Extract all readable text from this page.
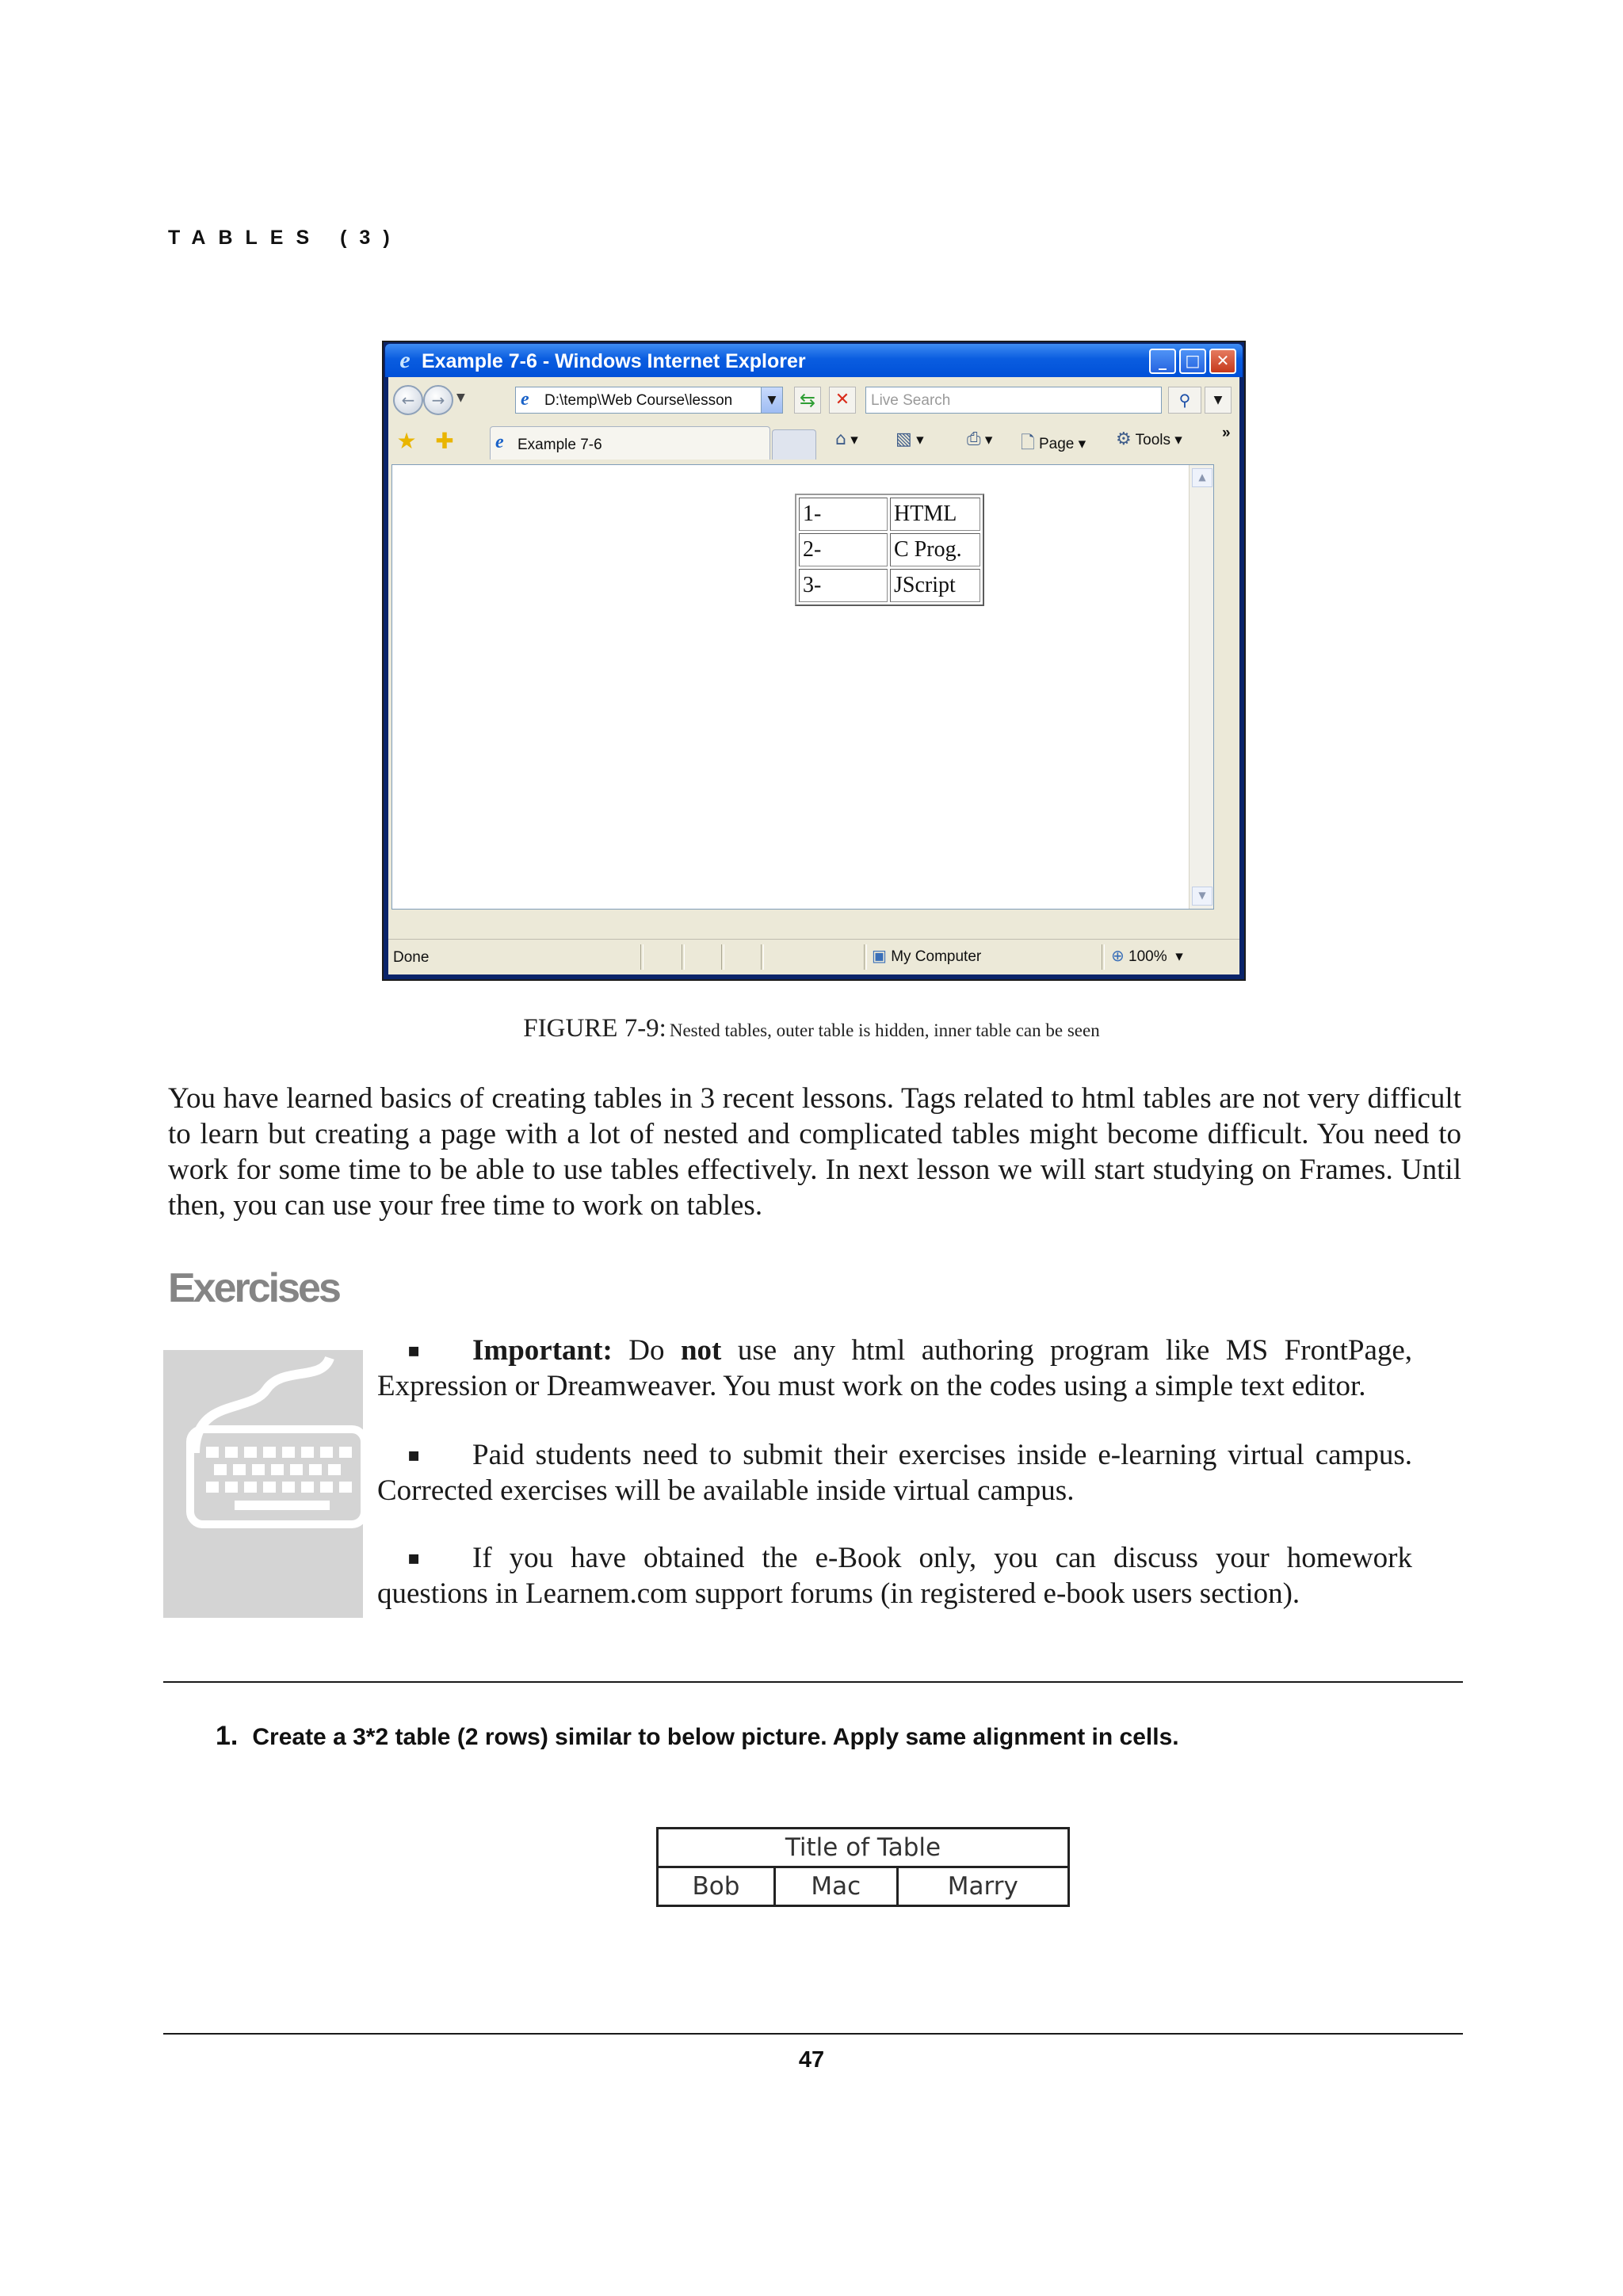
TABLES (3)
e Example 7-6 - Windows Internet Explorer	_	□	✕
←	→	▼	e D:\temp\Web Course\lesson	▼	⇆	✕	Live Search	⚲	▼
★ ✚ e Example 7-6	⌂ ▾ ▧ ▾ ⎙ ▾ 🗋 Page ▾ ⚙ Tools ▾	»
1-	HTML
2-	C Prog.
3-	JScript
▲
▼
Done	▣ My Computer	⊕ 100%  ▾
FIGURE 7-9: Nested tables, outer table is hidden, inner table can be seen

You have learned basics of creating tables in 3 recent lessons. Tags related to html tables are not very difficult to learn but creating a page with a lot of nested and complicated tables might become difficult. You need to work for some time to be able to use tables effectively. In next lesson we will start studying on Frames. Until then, you can use your free time to work on tables.

Exercises

▪ Important: Do not use any html authoring program like MS FrontPage, Expression or Dreamweaver. You must work on the codes using a simple text editor.

▪ Paid students need to submit their exercises inside e-learning virtual campus. Corrected exercises will be available inside virtual campus.

▪ If you have obtained the e-Book only, you can discuss your homework questions in Learnem.com support forums (in registered e-book users section).

1. Create a 3*2 table (2 rows) similar to below picture. Apply same alignment in cells.

Title of Table
Bob	Mac	Marry

47
